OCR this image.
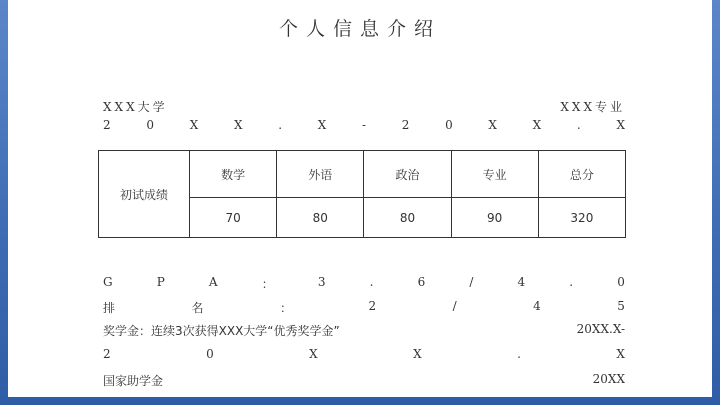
个人信息介绍
XXX大学	XXX专业
2	0	X	X	.	X	-	2	0	X	X	.	X
初试成绩	数学	外语	政治	专业	总分
	70	80	80	90	320
G	P	A	：	3	.	6	/	4	.	0
排	名	：	2	/	4	5
奖学金：连续3次获得XXX大学“优秀奖学金”	20XX.X-
2	0	X	X	.	X
国家助学金	20XX
